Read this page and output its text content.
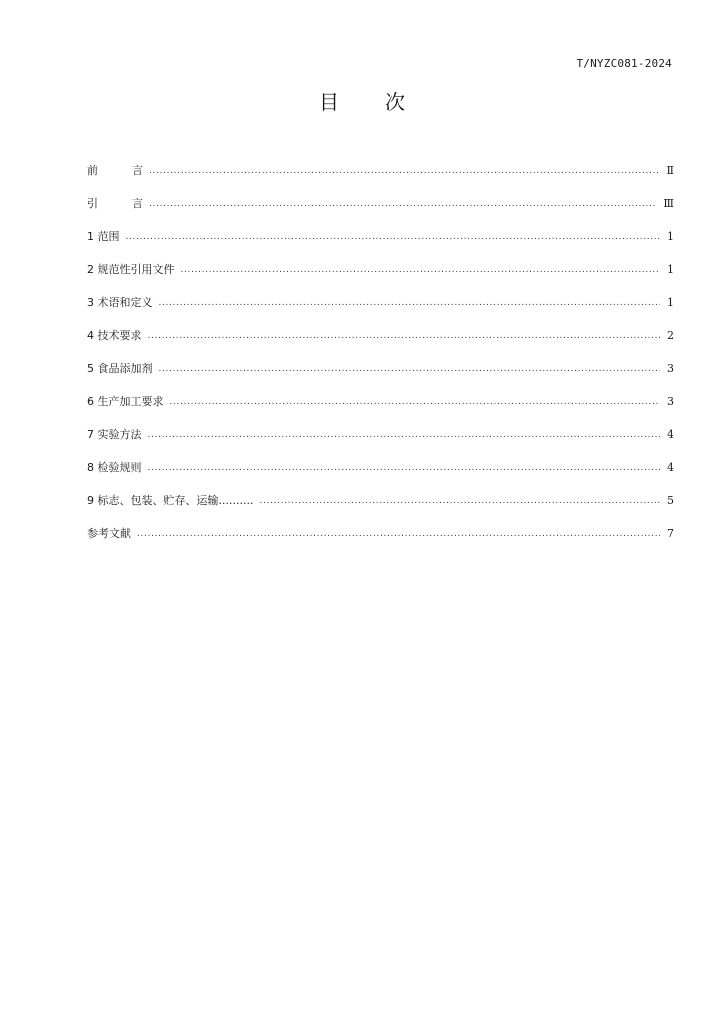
T/NYZC081-2024
目 次
前言 . . .	Ⅱ
引言 . . .	Ⅲ
1 范围 . . .	1
2 规范性引用文件 . . .	1
3 术语和定义 . . .	1
4 技术要求 . . .	2
5 食品添加剂 . . .	3
6 生产加工要求 . . .	3
7 实验方法 . . .	4
8 检验规则 . . .	4
9 标志、包装、贮存、运输.......... . . .	5
参考文献 . . .	7
